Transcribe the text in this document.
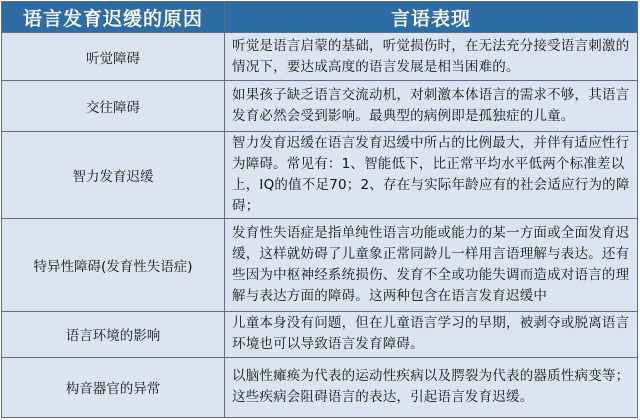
语言发育迟缓的原因	言语表现
听觉障碍	听觉是语言启蒙的基础，听觉损伤时，在无法充分接受语言刺激的情况下，要达成高度的语言发展是相当困难的。
交往障碍	如果孩子缺乏语言交流动机，对刺激本体语言的需求不够，其语言发育必然会受到影响。最典型的病例即是孤独症的儿童。
智力发育迟缓	智力发育迟缓在语言发育迟缓中所占的比例最大，并伴有适应性行为障碍。常见有：1、智能低下，比正常平均水平低两个标准差以上，IQ的值不足70；2、存在与实际年龄应有的社会适应行为的障碍；
特异性障碍(发育性失语症)	发育性失语症是指单纯性语言功能或能力的某一方面或全面发育迟缓，这样就妨碍了儿童象正常同龄儿一样用言语理解与表达。还有些因为中枢神经系统损伤、发育不全或功能失调而造成对语言的理解与表达方面的障碍。这两种包含在语言发育迟缓中
语言环境的影响	儿童本身没有问题，但在儿童语言学习的早期，被剥夺或脱离语言环境也可以导致语言发育障碍。
构音器官的异常	以脑性瘫痪为代表的运动性疾病以及腭裂为代表的器质性病变等；这些疾病会阻碍语言的表达，引起语言发育迟缓。
